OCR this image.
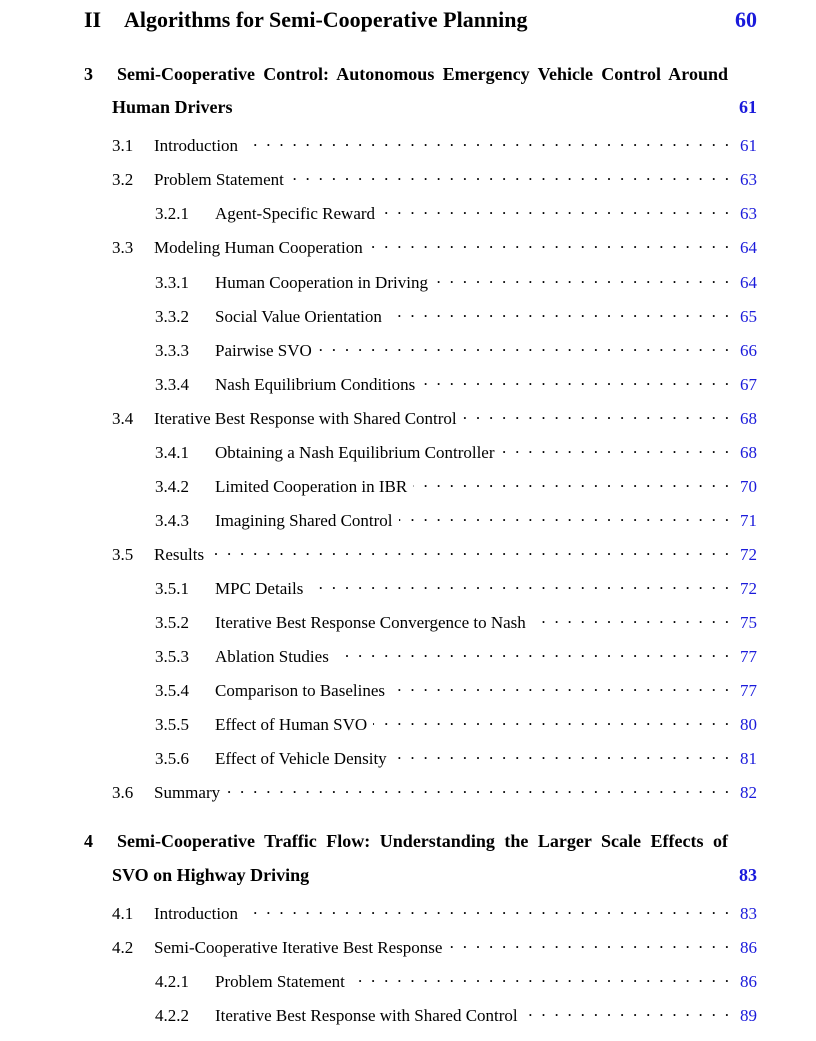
II	Algorithms for Semi-Cooperative Planning	60
3	Semi-Cooperative Control: Autonomous Emergency Vehicle Control Around
Human Drivers	61
3.1	Introduction . . .	61
3.2	Problem Statement . . .	63
3.2.1	Agent-Specific Reward . . .	63
3.3	Modeling Human Cooperation . . .	64
3.3.1	Human Cooperation in Driving . . .	64
3.3.2	Social Value Orientation . . .	65
3.3.3	Pairwise SVO . . .	66
3.3.4	Nash Equilibrium Conditions . . .	67
3.4	Iterative Best Response with Shared Control . . .	68
3.4.1	Obtaining a Nash Equilibrium Controller . . .	68
3.4.2	Limited Cooperation in IBR . . .	70
3.4.3	Imagining Shared Control . . .	71
3.5	Results . . .	72
3.5.1	MPC Details . . .	72
3.5.2	Iterative Best Response Convergence to Nash . . .	75
3.5.3	Ablation Studies . . .	77
3.5.4	Comparison to Baselines . . .	77
3.5.5	Effect of Human SVO . . .	80
3.5.6	Effect of Vehicle Density . . .	81
3.6	Summary . . .	82
4	Semi-Cooperative Traffic Flow: Understanding the Larger Scale Effects of
SVO on Highway Driving	83
4.1	Introduction . . .	83
4.2	Semi-Cooperative Iterative Best Response . . .	86
4.2.1	Problem Statement . . .	86
4.2.2	Iterative Best Response with Shared Control . . .	89
